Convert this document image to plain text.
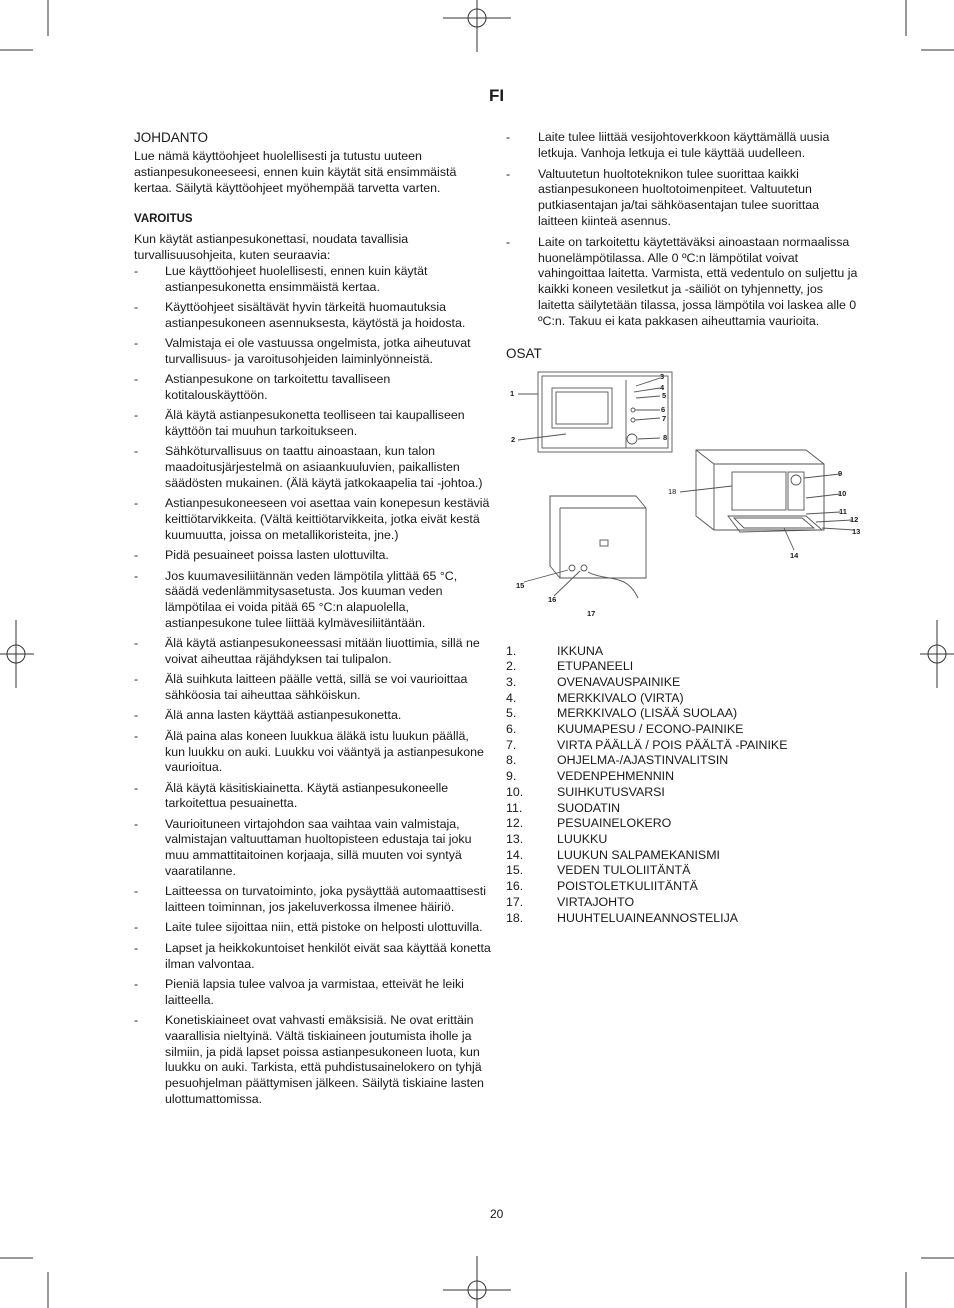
FI
JOHDANTO

Lue nämä käyttöohjeet huolellisesti ja tutustu uuteen astianpesukoneeseesi, ennen kuin käytät sitä ensimmäistä kertaa. Säilytä käyttöohjeet myöhempää tarvetta varten.

VAROITUS

Kun käytät astianpesukonettasi, noudata tavallisia turvallisuusohjeita, kuten seuraavia:

- Lue käyttöohjeet huolellisesti, ennen kuin käytät astianpesukonetta ensimmäistä kertaa.
- Käyttöohjeet sisältävät hyvin tärkeitä huomautuksia astianpesukoneen asennuksesta, käytöstä ja hoidosta.
- Valmistaja ei ole vastuussa ongelmista, jotka aiheutuvat turvallisuus- ja varoitusohjeiden laiminlyönneistä.
- Astianpesukone on tarkoitettu tavalliseen kotitalouskäyttöön.
- Älä käytä astianpesukonetta teolliseen tai kaupalliseen käyttöön tai muuhun tarkoitukseen.
- Sähköturvallisuus on taattu ainoastaan, kun talon maadoitusjärjestelmä on asiaankuuluvien, paikallisten säädösten mukainen. (Älä käytä jatkokaapelia tai -johtoa.)
- Astianpesukoneeseen voi asettaa vain konepesun kestäviä keittiötarvikkeita. (Vältä keittiötarvikkeita, jotka eivät kestä kuumuutta, joissa on metallikoristeita, jne.)
- Pidä pesuaineet poissa lasten ulottuvilta.
- Jos kuumavesiliitännän veden lämpötila ylittää 65 °C, säädä vedenlämmitysasetusta. Jos kuuman veden lämpötilaa ei voida pitää 65 °C:n alapuolella, astianpesukone tulee liittää kylmävesiliitäntään.
- Älä käytä astianpesukoneessasi mitään liuottimia, sillä ne voivat aiheuttaa räjähdyksen tai tulipalon.
- Älä suihkuta laitteen päälle vettä, sillä se voi vaurioittaa sähköosia tai aiheuttaa sähköiskun.
- Älä anna lasten käyttää astianpesukonetta.
- Älä paina alas koneen luukkua äläkä istu luukun päällä, kun luukku on auki. Luukku voi vääntyä ja astianpesukone vaurioitua.
- Älä käytä käsitiskiainetta. Käytä astianpesukoneelle tarkoitettua pesuainetta.
- Vaurioituneen virtajohdon saa vaihtaa vain valmistaja, valmistajan valtuuttaman huoltopisteen edustaja tai joku muu ammattitaitoinen korjaaja, sillä muuten voi syntyä vaaratilanne.
- Laitteessa on turvatoiminto, joka pysäyttää automaattisesti laitteen toiminnan, jos jakeluverkossa ilmenee häiriö.
- Laite tulee sijoittaa niin, että pistoke on helposti ulottuvilla.
- Lapset ja heikkokuntoiset henkilöt eivät saa käyttää konetta ilman valvontaa.
- Pieniä lapsia tulee valvoa ja varmistaa, etteivät he leiki laitteella.
- Konetiskiaineet ovat vahvasti emäksisiä. Ne ovat erittäin vaarallisia nieltyinä. Vältä tiskiaineen joutumista iholle ja silmiin, ja pidä lapset poissa astianpesukoneen luota, kun luukku on auki. Tarkista, että puhdistusainelokero on tyhjä pesuohjelman päättymisen jälkeen. Säilytä tiskiaine lasten ulottumattomissa.
- Laite tulee liittää vesijohtoverkkoon käyttämällä uusia letkuja. Vanhoja letkuja ei tule käyttää uudelleen.
- Valtuutetun huoltoteknikon tulee suorittaa kaikki astianpesukoneen huoltotoimenpiteet. Valtuutetun putkiasentajan ja/tai sähköasentajan tulee suorittaa laitteen kiinteä asennus.
- Laite on tarkoitettu käytettäväksi ainoastaan normaalissa huonelämpötilassa. Alle 0 ºC:n lämpötilat voivat vahingoittaa laitetta. Varmista, että vedentulo on suljettu ja kaikki koneen vesiletkut ja -säiliöt on tyhjennetty, jos laitetta säilytetään tilassa, jossa lämpötila voi laskea alle 0 ºC:n. Takuu ei kata pakkasen aiheuttamia vaurioita.
OSAT
1
2
3
4
5
6
7
8
9
10
11
12
13
14
15
16
17
18
1.	IKKUNA
2.	ETUPANEELI
3.	OVENAVAUSPAINIKE
4.	MERKKIVALO (VIRTA)
5.	MERKKIVALO (LISÄÄ SUOLAA)
6.	KUUMAPESU / ECONO-PAINIKE
7.	VIRTA PÄÄLLÄ / POIS PÄÄLTÄ -PAINIKE
8.	OHJELMA-/AJASTINVALITSIN
9.	VEDENPEHMENNIN
10.	SUIHKUTUSVARSI
11.	SUODATIN
12.	PESUAINELOKERO
13.	LUUKKU
14.	LUUKUN SALPAMEKANISMI
15.	VEDEN TULOLIITÄNTÄ
16.	POISTOLETKULIITÄNTÄ
17.	VIRTAJOHTO
18.	HUUHTELUAINEANNOSTELIJA
20
